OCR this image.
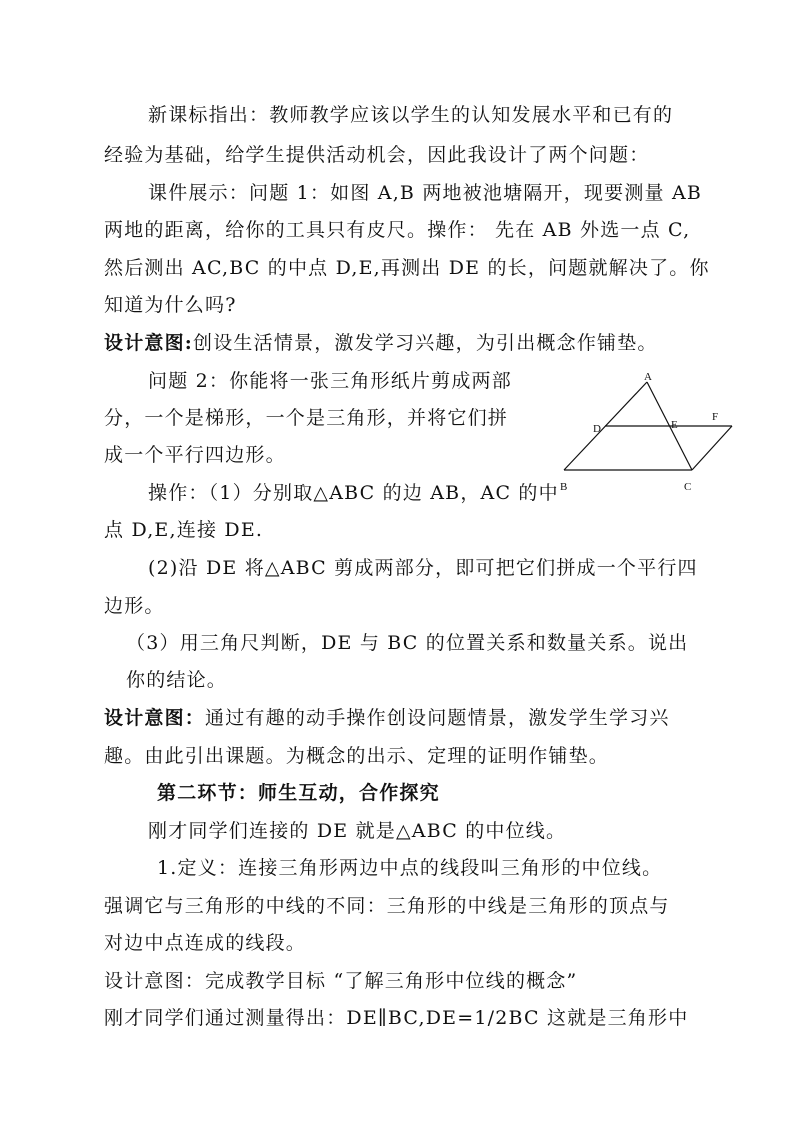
新课标指出：教师教学应该以学生的认知发展水平和已有的
经验为基础，给学生提供活动机会，因此我设计了两个问题：
课件展示：问题 1：如图 A,B 两地被池塘隔开，现要测量 AB
两地的距离，给你的工具只有皮尺。操作： 先在 AB 外选一点 C,
然后测出 AC,BC 的中点 D,E,再测出 DE 的长，问题就解决了。你
知道为什么吗?
设计意图:创设生活情景，激发学习兴趣，为引出概念作铺垫。
问题 2：你能将一张三角形纸片剪成两部
分，一个是梯形，一个是三角形，并将它们拼
成一个平行四边形。
操作：（1）分别取△ABC 的边 AB，AC 的中
点 D,E,连接 DE.
A
D	E
F
B	C
(2)沿 DE 将△ABC 剪成两部分，即可把它们拼成一个平行四
边形。
（3）用三角尺判断，DE 与 BC 的位置关系和数量关系。说出
你的结论。
设计意图：通过有趣的动手操作创设问题情景，激发学生学习兴
趣。由此引出课题。为概念的出示、定理的证明作铺垫。
第二环节：师生互动，合作探究
刚才同学们连接的 DE 就是△ABC 的中位线。
1.定义：连接三角形两边中点的线段叫三角形的中位线。
强调它与三角形的中线的不同：三角形的中线是三角形的顶点与
对边中点连成的线段。
设计意图：完成教学目标 “了解三角形中位线的概念”
刚才同学们通过测量得出：DE∥BC,DE=1/2BC 这就是三角形中
